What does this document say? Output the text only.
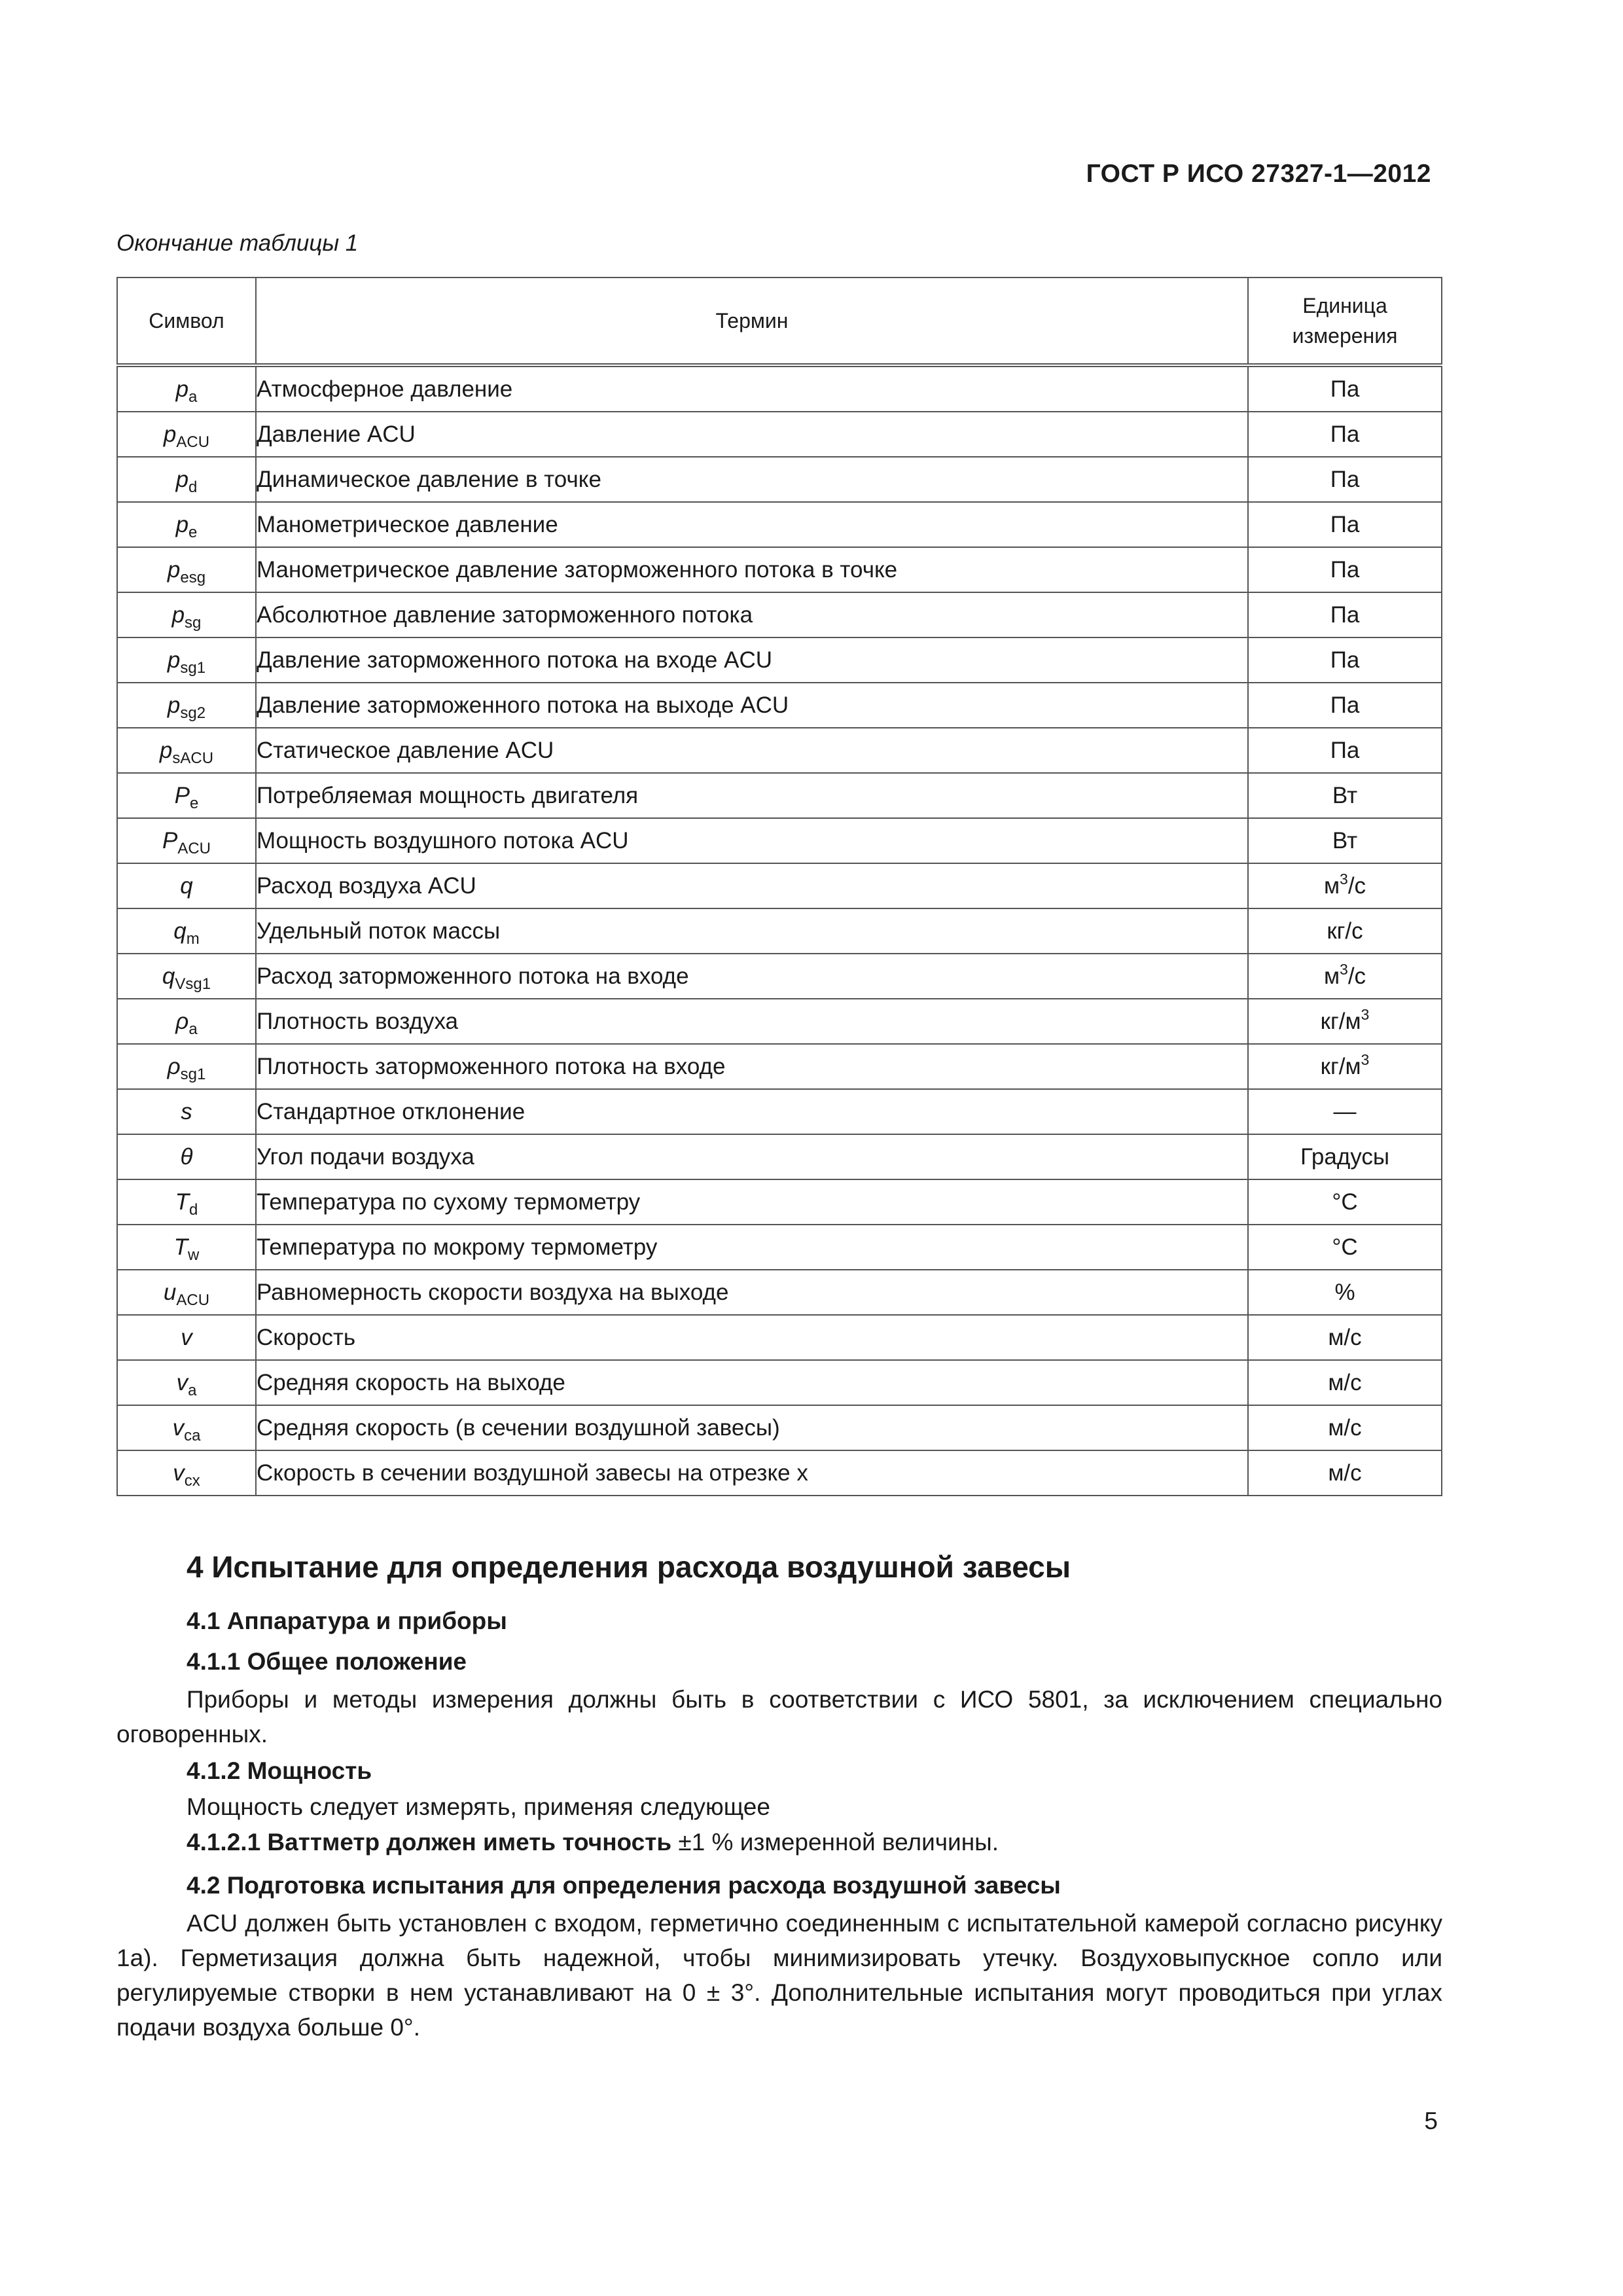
ГОСТ Р ИСО 27327-1—2012
Окончание таблицы 1
Символ	Термин	Единица
измерения
$p_a$	Атмосферное давление	Па
$p_{ACU}$	Давление ACU	Па
$p_d$	Динамическое давление в точке	Па
$p_e$	Манометрическое давление	Па
$p_{esg}$	Манометрическое давление заторможенного потока в точке	Па
$p_{sg}$	Абсолютное давление заторможенного потока	Па
$p_{sg1}$	Давление заторможенного потока на входе ACU	Па
$p_{sg2}$	Давление заторможенного потока на выходе ACU	Па
$p_{sACU}$	Статическое давление ACU	Па
$P_e$	Потребляемая мощность двигателя	Вт
$P_{ACU}$	Мощность воздушного потока ACU	Вт
q	Расход воздуха ACU	$м^3/с$
$q_m$	Удельный поток массы	кг/с
$q_{Vsg1}$	Расход заторможенного потока на входе	$м^3/с$
$\rho_a$	Плотность воздуха	$кг/м^3$
$\rho_{sg1}$	Плотность заторможенного потока на входе	$кг/м^3$
s	Стандартное отклонение	—
θ	Угол подачи воздуха	Градусы
$T_d$	Температура по сухому термометру	°C
$T_w$	Температура по мокрому термометру	°C
$u_{ACU}$	Равномерность скорости воздуха на выходе	%
v	Скорость	м/с
$v_a$	Средняя скорость на выходе	м/с
$v_{ca}$	Средняя скорость (в сечении воздушной завесы)	м/с
$v_{cx}$	Скорость в сечении воздушной завесы на отрезке x	м/с
4 Испытание для определения расхода воздушной завесы
4.1 Аппаратура и приборы
4.1.1 Общее положение
Приборы и методы измерения должны быть в соответствии с ИСО 5801, за исключением специально оговоренных.
4.1.2 Мощность
Мощность следует измерять, применяя следующее
4.1.2.1 Ваттметр должен иметь точность ±1 % измеренной величины.
4.2 Подготовка испытания для определения расхода воздушной завесы
ACU должен быть установлен с входом, герметично соединенным с испытательной камерой согласно рисунку 1а). Герметизация должна быть надежной, чтобы минимизировать утечку. Воздуховыпускное сопло или регулируемые створки в нем устанавливают на 0 ± 3°. Дополнительные испытания могут проводиться при углах подачи воздуха больше 0°.
5
